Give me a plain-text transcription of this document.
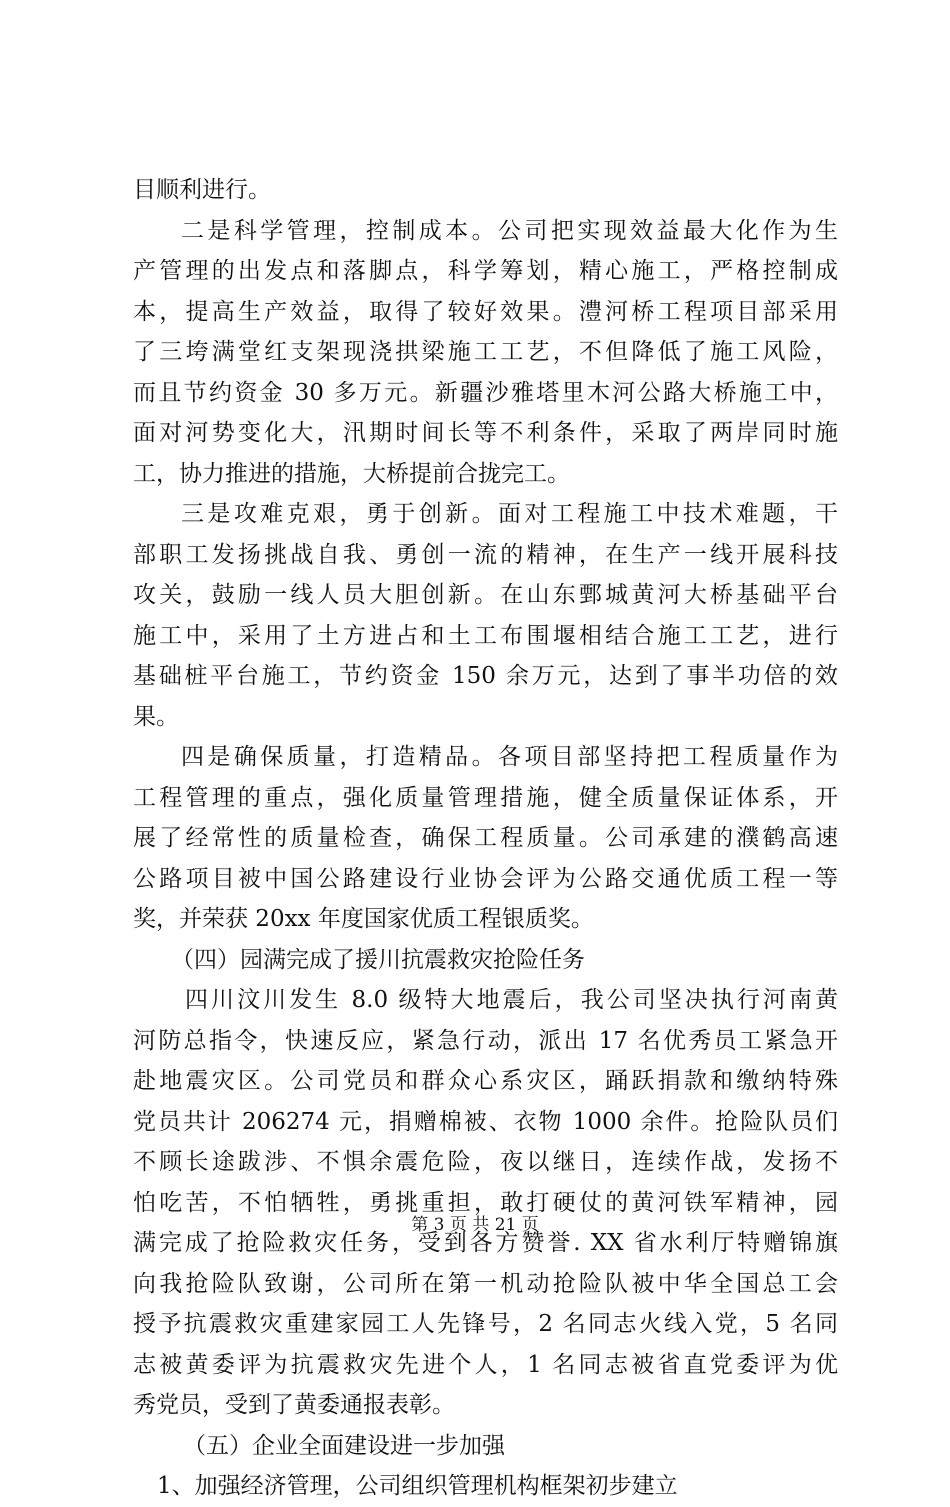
目顺利进行。
二是科学管理，控制成本。公司把实现效益最大化作为生
产管理的出发点和落脚点，科学筹划，精心施工，严格控制成
本，提高生产效益，取得了较好效果。澧河桥工程项目部采用
了三垮满堂红支架现浇拱梁施工工艺，不但降低了施工风险，
而且节约资金 30 多万元。新疆沙雅塔里木河公路大桥施工中，
面对河势变化大，汛期时间长等不利条件，采取了两岸同时施
工，协力推进的措施，大桥提前合拢完工。
三是攻难克艰，勇于创新。面对工程施工中技术难题，干
部职工发扬挑战自我、勇创一流的精神，在生产一线开展科技
攻关，鼓励一线人员大胆创新。在山东鄄城黄河大桥基础平台
施工中，采用了土方进占和土工布围堰相结合施工工艺，进行
基础桩平台施工，节约资金 150 余万元，达到了事半功倍的效
果。
四是确保质量，打造精品。各项目部坚持把工程质量作为
工程管理的重点，强化质量管理措施，健全质量保证体系，开
展了经常性的质量检查，确保工程质量。公司承建的濮鹤高速
公路项目被中国公路建设行业协会评为公路交通优质工程一等
奖，并荣获 20xx 年度国家优质工程银质奖。
（四）园满完成了援川抗震救灾抢险任务
四川汶川发生 8.0 级特大地震后，我公司坚决执行河南黄
河防总指令，快速反应，紧急行动，派出 17 名优秀员工紧急开
赴地震灾区。公司党员和群众心系灾区，踊跃捐款和缴纳特殊
党员共计 206274 元，捐赠棉被、衣物 1000 余件。抢险队员们
不顾长途跋涉、不惧余震危险，夜以继日，连续作战，发扬不
怕吃苦，不怕牺牲，勇挑重担，敢打硬仗的黄河铁军精神，园
满完成了抢险救灾任务，受到各方赞誉. XX 省水利厅特赠锦旗
向我抢险队致谢，公司所在第一机动抢险队被中华全国总工会
授予抗震救灾重建家园工人先锋号，2 名同志火线入党，5 名同
志被黄委评为抗震救灾先进个人，1 名同志被省直党委评为优
秀党员，受到了黄委通报表彰。
（五）企业全面建设进一步加强
1、加强经济管理，公司组织管理机构框架初步建立
第 3 页 共 21 页
